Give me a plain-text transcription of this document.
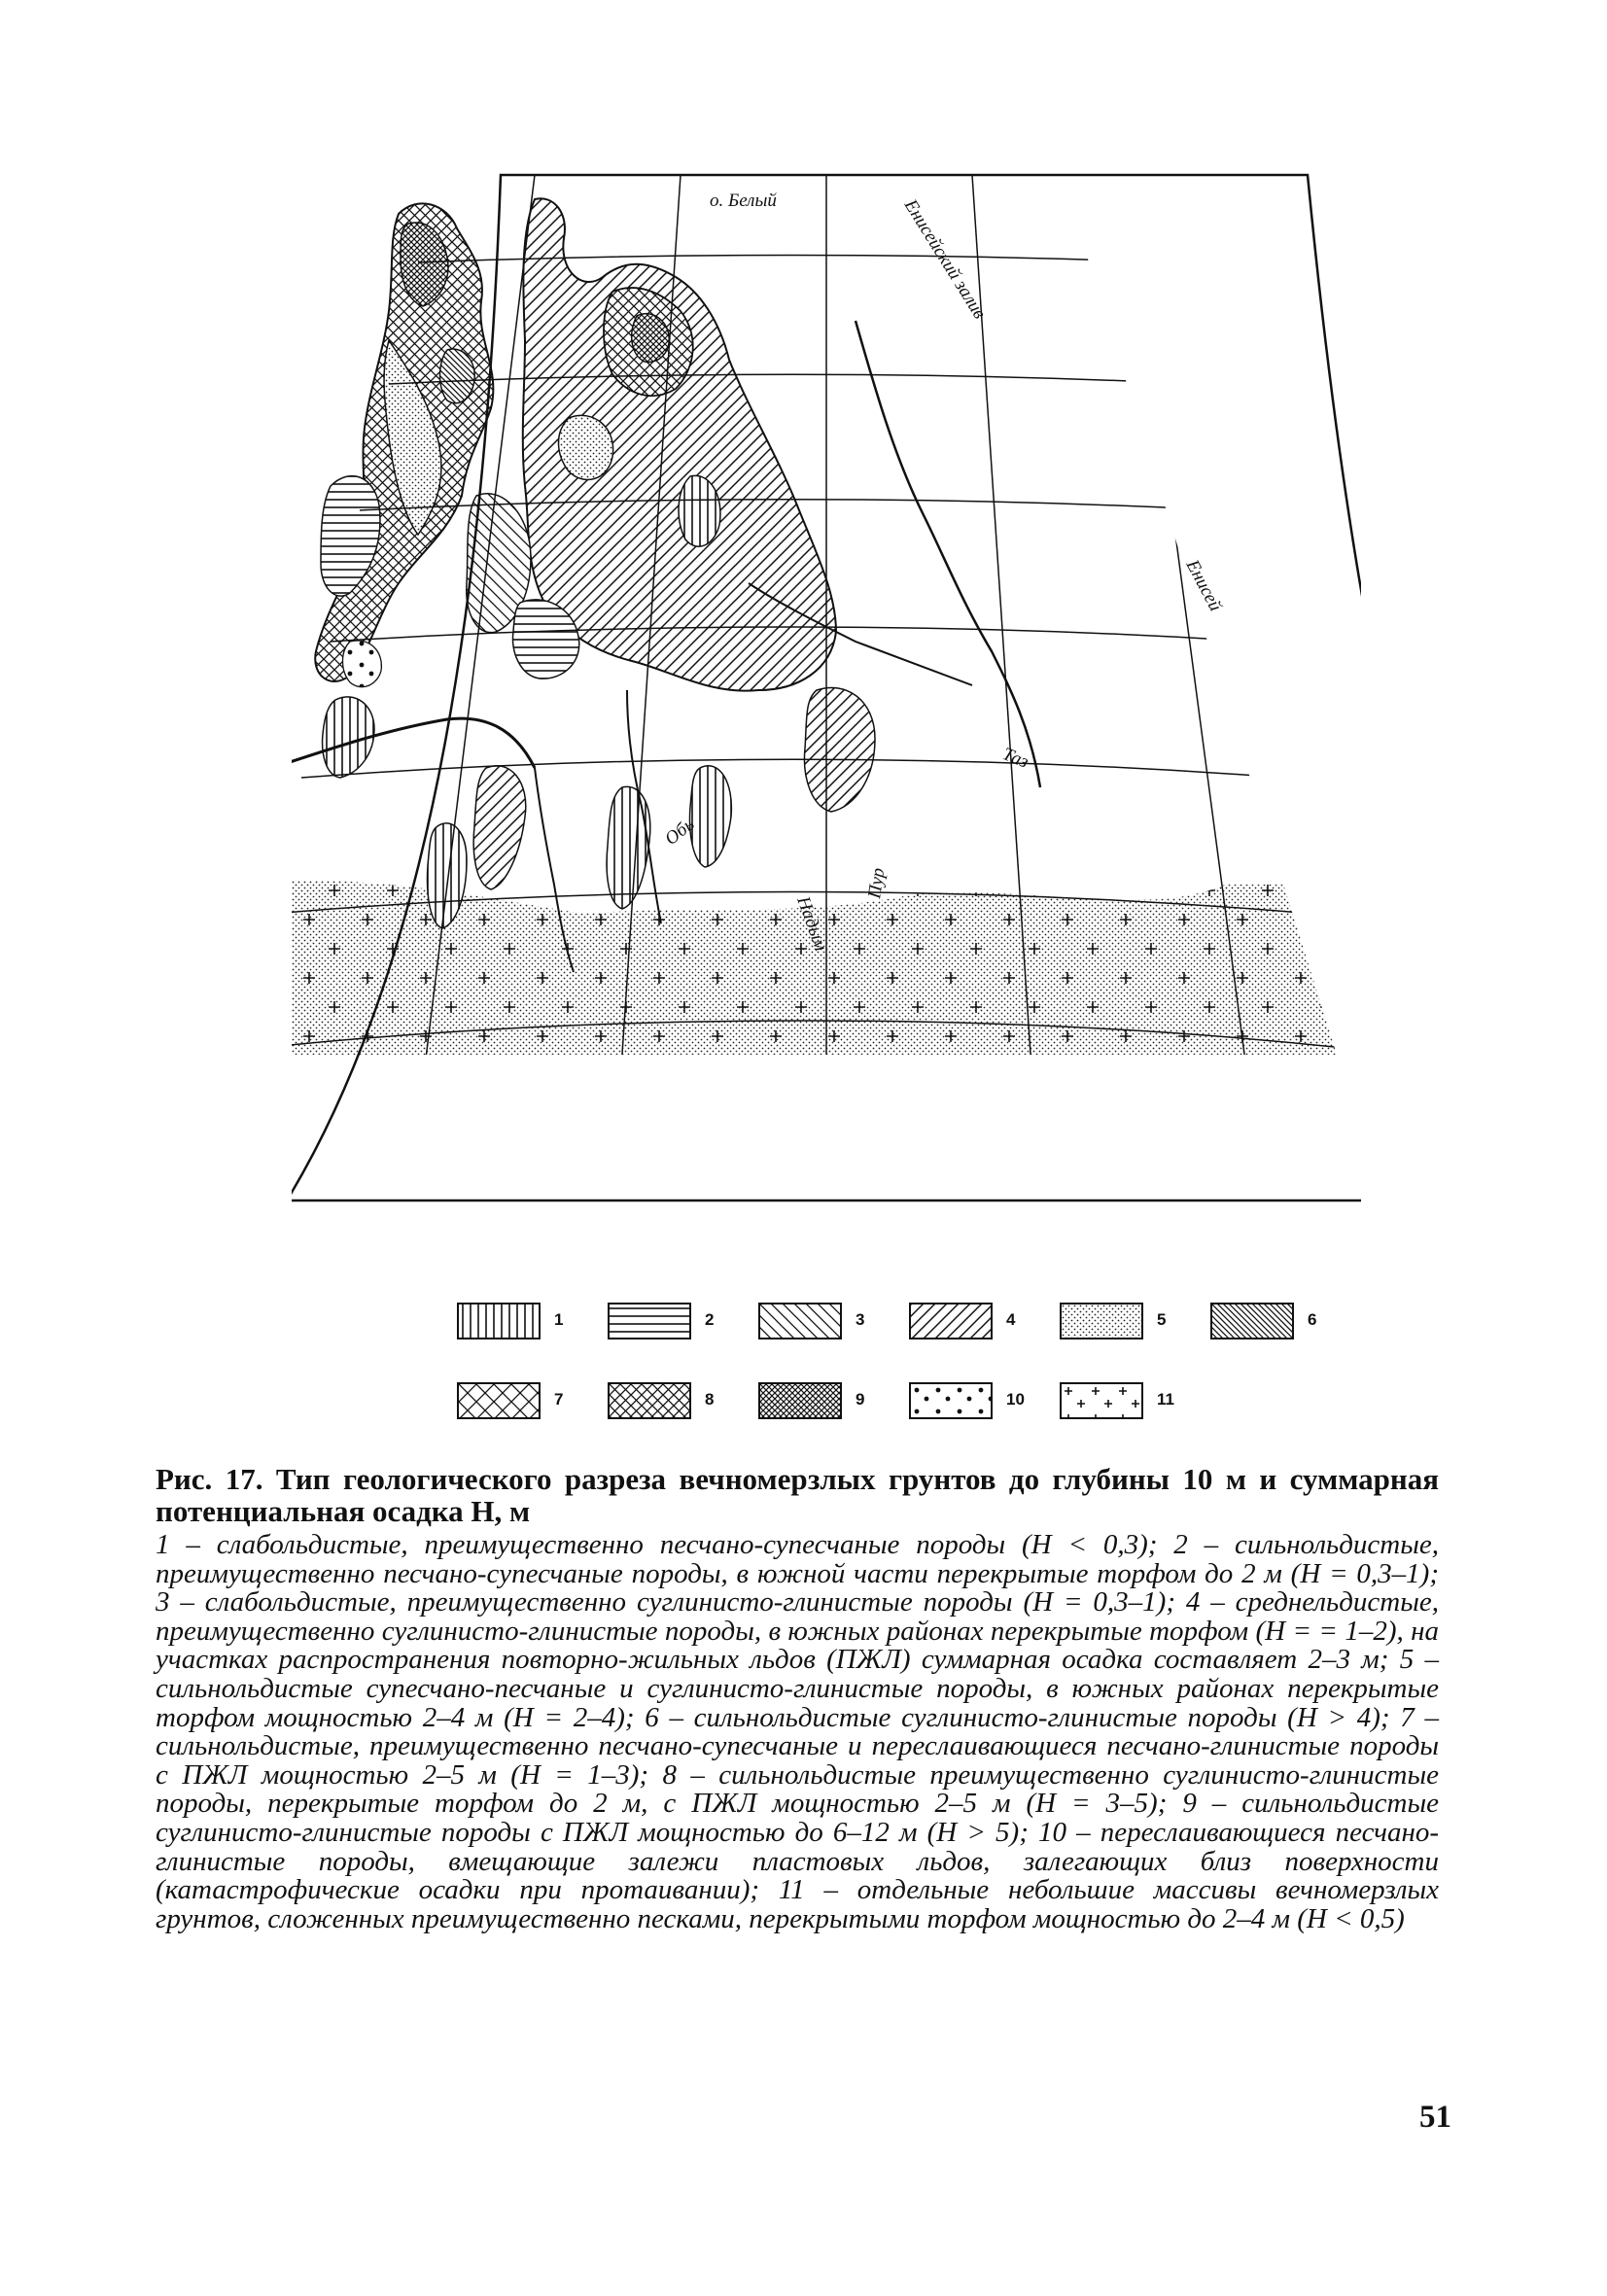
о. Белый	Енисейский залив
Енисей
Таз
Обь
Надым
Пур
1	2	3	4	5	6
7	8	9	10	11

Рис. 17. Тип геологического разреза вечномерзлых грунтов до глубины 10 м и суммарная потенциальная осадка H, м

1 – слабольдистые, преимущественно песчано-супесчаные породы (H < 0,3); 2 – сильнольдистые, преимущественно песчано-супесчаные породы, в южной части перекрытые торфом до 2 м (H = 0,3–1); 3 – слабольдистые, преимущественно суглинисто-глинистые породы (H = 0,3–1); 4 – среднельдистые, преимущественно суглинисто-глинистые породы, в южных районах перекрытые торфом (H = = 1–2), на участках распространения повторно-жильных льдов (ПЖЛ) суммарная осадка составляет 2–3 м; 5 – сильнольдистые супесчано-песчаные и суглинисто-глинистые породы, в южных районах перекрытые торфом мощностью 2–4 м (H = 2–4); 6 – сильнольдистые суглинисто-глинистые породы (H > 4); 7 – сильнольдистые, преимущественно песчано-супесчаные и переслаивающиеся песчано-глинистые породы с ПЖЛ мощностью 2–5 м (H = 1–3); 8 – сильнольдистые преимущественно суглинисто-глинистые породы, перекрытые торфом до 2 м, с ПЖЛ мощностью 2–5 м (H = 3–5); 9 – сильнольдистые суглинисто-глинистые породы с ПЖЛ мощностью до 6–12 м (H > 5); 10 – переслаивающиеся песчано-глинистые породы, вмещающие залежи пластовых льдов, залегающих близ поверхности (катастрофические осадки при протаивании); 11 – отдельные небольшие массивы вечномерзлых грунтов, сложенных преимущественно песками, перекрытыми торфом мощностью до 2–4 м (H < 0,5)

51
